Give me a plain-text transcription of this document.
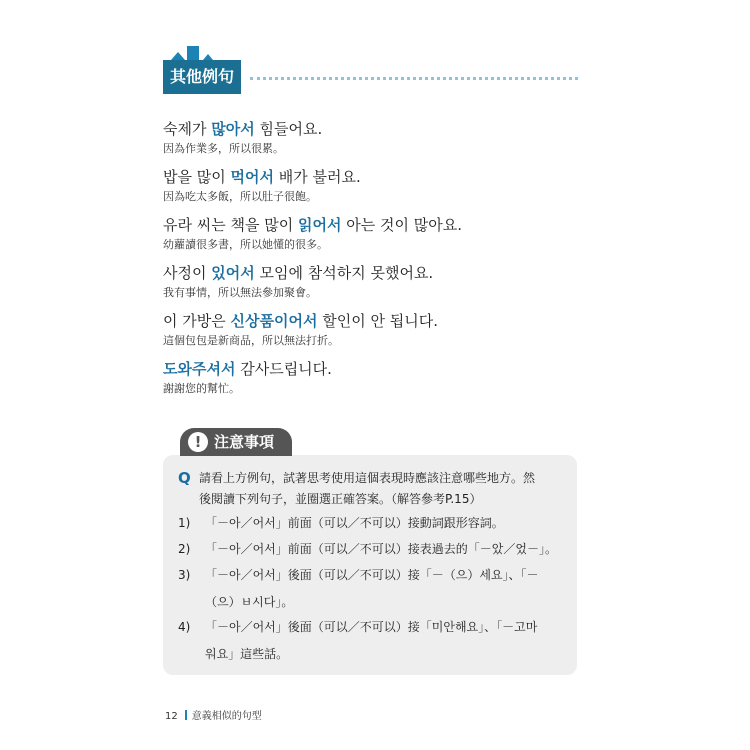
其他例句
숙제가 많아서 힘들어요.
因為作業多，所以很累。
밥을 많이 먹어서 배가 불러요.
因為吃太多飯，所以肚子很飽。
유라 씨는 책을 많이 읽어서 아는 것이 많아요.
幼蘿讀很多書，所以她懂的很多。
사정이 있어서 모임에 참석하지 못했어요.
我有事情，所以無法參加聚會。
이 가방은 신상품이어서 할인이 안 됩니다.
這個包包是新商品，所以無法打折。
도와주셔서 감사드립니다.
謝謝您的幫忙。
! 注意事項
Q 請看上方例句，試著思考使用這個表現時應該注意哪些地方。然
後閱讀下列句子，並圈選正確答案。（解答參考P.15）
1) 「－아／어서」前面（可以／不可以）接動詞跟形容詞。
2) 「－아／어서」前面（可以／不可以）接表過去的「－았／었－」。
3) 「－아／어서」後面（可以／不可以）接「－（으）세요」、「－
（으）ㅂ시다」。
4) 「－아／어서」後面（可以／不可以）接「미안해요」、「－고마
워요」這些話。
12 意義相似的句型
